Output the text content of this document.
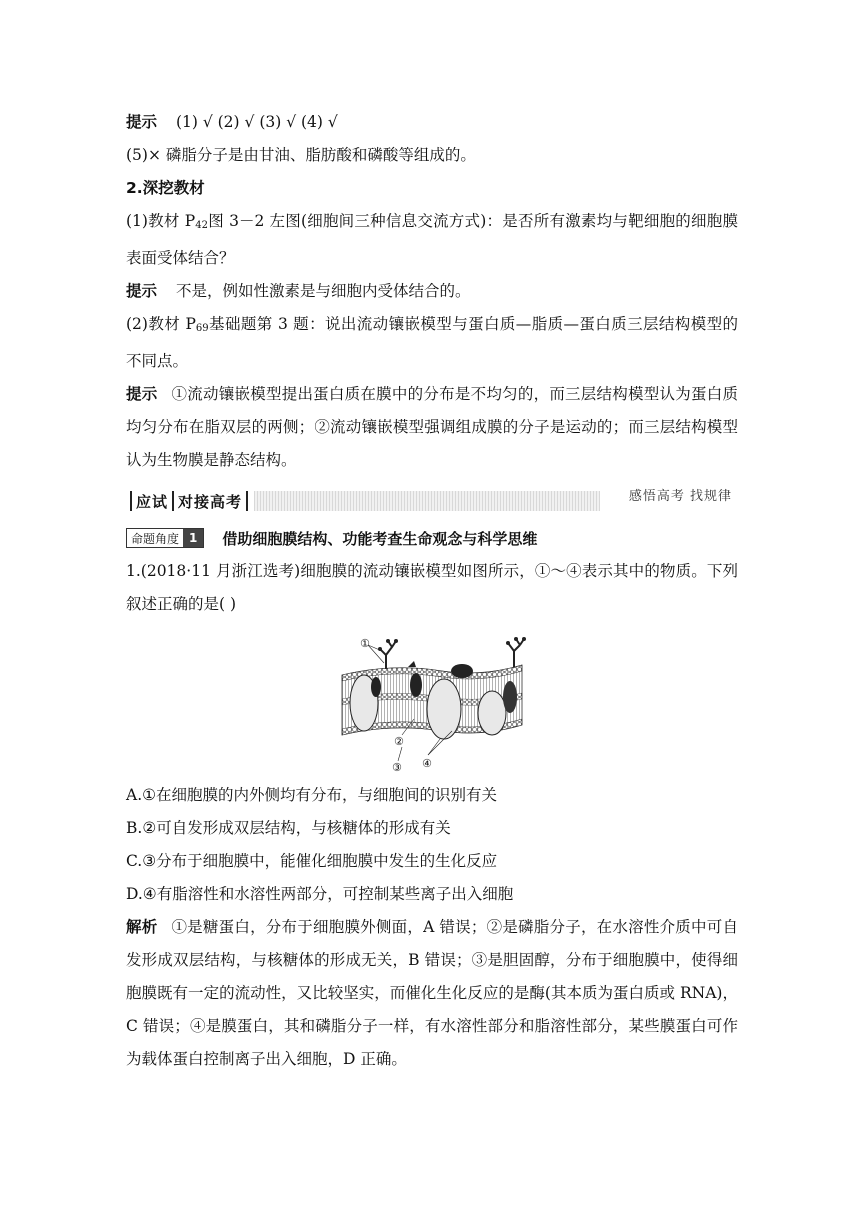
提示 (1) √ (2) √ (3) √ (4) √
(5)× 磷脂分子是由甘油、脂肪酸和磷酸等组成的。
2.深挖教材
(1)教材 $P_{42}$图 3－2 左图(细胞间三种信息交流方式)：是否所有激素均与靶细胞的细胞膜表面受体结合？
提示 不是，例如性激素是与细胞内受体结合的。
(2)教材 $P_{69}$基础题第 3 题：说出流动镶嵌模型与蛋白质—脂质—蛋白质三层结构模型的不同点。
提示 ①流动镶嵌模型提出蛋白质在膜中的分布是不均匀的，而三层结构模型认为蛋白质均匀分布在脂双层的两侧；②流动镶嵌模型强调组成膜的分子是运动的；而三层结构模型认为生物膜是静态结构。
应试 对接高考	感悟高考 找规律
命题角度 1	借助细胞膜结构、功能考查生命观念与科学思维
1.(2018·11 月浙江选考)细胞膜的流动镶嵌模型如图所示，①～④表示其中的物质。下列叙述正确的是( )
①
②
③ ④
A.①在细胞膜的内外侧均有分布，与细胞间的识别有关
B.②可自发形成双层结构，与核糖体的形成有关
C.③分布于细胞膜中，能催化细胞膜中发生的生化反应
D.④有脂溶性和水溶性两部分，可控制某些离子出入细胞
解析 ①是糖蛋白，分布于细胞膜外侧面，A 错误；②是磷脂分子，在水溶性介质中可自发形成双层结构，与核糖体的形成无关，B 错误；③是胆固醇，分布于细胞膜中，使得细胞膜既有一定的流动性，又比较坚实，而催化生化反应的是酶(其本质为蛋白质或 RNA)，C 错误；④是膜蛋白，其和磷脂分子一样，有水溶性部分和脂溶性部分，某些膜蛋白可作为载体蛋白控制离子出入细胞，D 正确。
